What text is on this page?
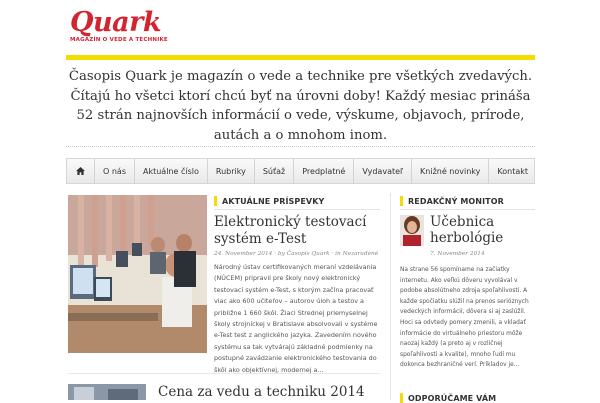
Quark
MAGAZÍN O VEDE A TECHNIKE
Časopis Quark je magazín o vede a technike pre všetkých zvedavých. Čítajú ho všetci ktorí chcú byť na úrovni doby! Každý mesiac prináša 52 strán najnovších informácií o vede, výskume, objavoch, prírode, autách a o mnohom inom.
O nás	Aktuálne číslo	Rubriky	Súťaž	Predplatné	Vydavateľ	Knižné novinky	Kontakt
AKTUÁLNE PRÍSPEVKY
Elektronický testovací systém e-Test
24. November 2014 · by Časopis Quark · in Nezaradené
Národný ústav certifikovaných meraní vzdelávania (NÚCEM) pripravil pre školy nový elektronický testovací systém e-Test, s ktorým začína pracovať viac ako 600 učiteľov – autorov úloh a testov a približne 1 660 škôl. Žiaci Strednej priemyselnej školy strojníckej v Bratislave absolvovali v systéme e-Test test z anglického jazyka. Zavedením nového systému sa tak vytvárajú základné podmienky na postupné zavádzanie elektronického testovania do škôl ako objektívnej, modernej a...
Cena za vedu a techniku 2014
REDAKČNÝ MONITOR
Učebnica herbológie
7. November 2014
Na strane 56 spomíname na začiatky internetu. Ako veľkú dôveru vyvolával v podobe absolútneho zdroja spoľahlivosti. A každe spočiatku slúžil na prenos serióznych vedeckých informácií, dôvera si aj zaslúžil. Hoci sa odvtedy pomery zmenili, a vkladať informácie do virtuálneho priestoru môže naozaj každý (a preto aj v rozličnej spoľahlivosti a kvalite), mnoho ľudí mu dokonca bezhraničné verí. Príkladov je...
ODPORÚČAME VÁM
